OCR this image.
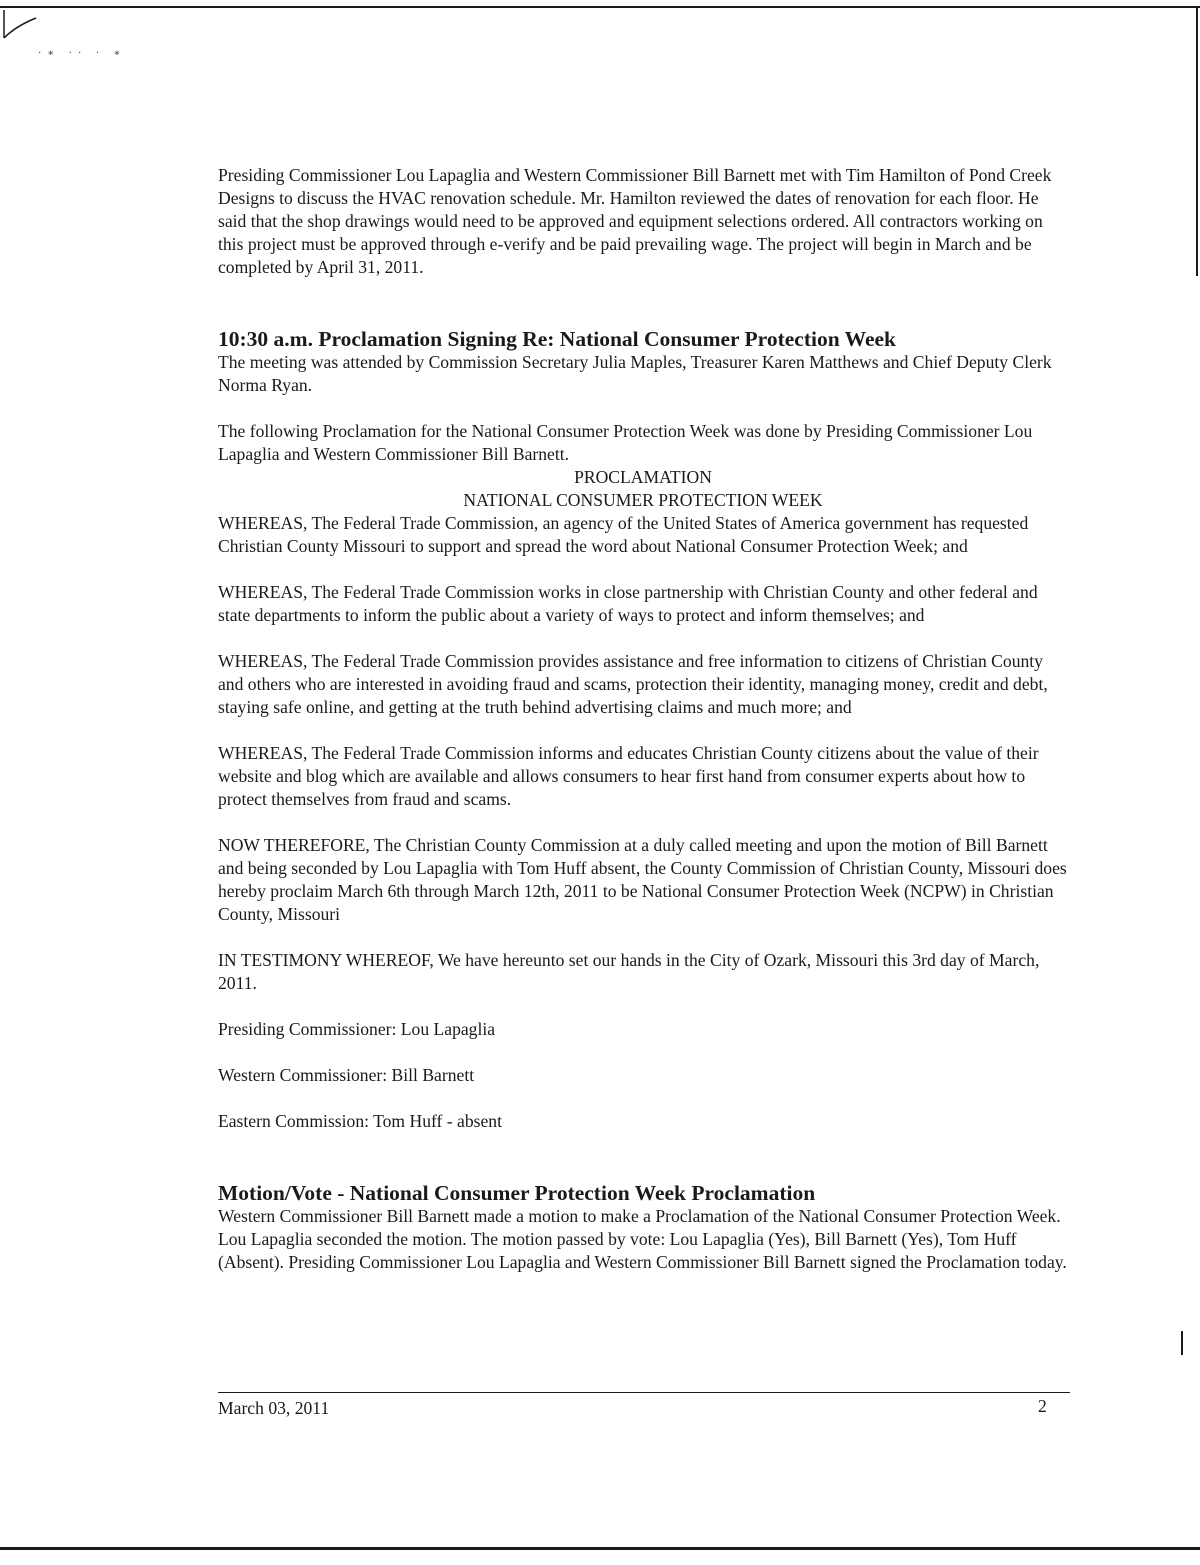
·∗ ·· · ∗

Presiding Commissioner Lou Lapaglia and Western Commissioner Bill Barnett met with Tim Hamilton of Pond Creek Designs to discuss the HVAC renovation schedule. Mr. Hamilton reviewed the dates of renovation for each floor. He said that the shop drawings would need to be approved and equipment selections ordered. All contractors working on this project must be approved through e-verify and be paid prevailing wage. The project will begin in March and be completed by April 31, 2011.

10:30 a.m. Proclamation Signing Re: National Consumer Protection Week

The meeting was attended by Commission Secretary Julia Maples, Treasurer Karen Matthews and Chief Deputy Clerk Norma Ryan.

The following Proclamation for the National Consumer Protection Week was done by Presiding Commissioner Lou Lapaglia and Western Commissioner Bill Barnett.

PROCLAMATION

NATIONAL CONSUMER PROTECTION WEEK

WHEREAS, The Federal Trade Commission, an agency of the United States of America government has requested Christian County Missouri to support and spread the word about National Consumer Protection Week; and

WHEREAS, The Federal Trade Commission works in close partnership with Christian County and other federal and state departments to inform the public about a variety of ways to protect and inform themselves; and

WHEREAS, The Federal Trade Commission provides assistance and free information to citizens of Christian County and others who are interested in avoiding fraud and scams, protection their identity, managing money, credit and debt, staying safe online, and getting at the truth behind advertising claims and much more; and

WHEREAS, The Federal Trade Commission informs and educates Christian County citizens about the value of their website and blog which are available and allows consumers to hear first hand from consumer experts about how to protect themselves from fraud and scams.

NOW THEREFORE, The Christian County Commission at a duly called meeting and upon the motion of Bill Barnett and being seconded by Lou Lapaglia with Tom Huff absent, the County Commission of Christian County, Missouri does hereby proclaim March 6th through March 12th, 2011 to be National Consumer Protection Week (NCPW) in Christian County, Missouri

IN TESTIMONY WHEREOF, We have hereunto set our hands in the City of Ozark, Missouri this 3rd day of March, 2011.

Presiding Commissioner: Lou Lapaglia

Western Commissioner: Bill Barnett

Eastern Commission: Tom Huff - absent

Motion/Vote - National Consumer Protection Week Proclamation

Western Commissioner Bill Barnett made a motion to make a Proclamation of the National Consumer Protection Week. Lou Lapaglia seconded the motion. The motion passed by vote: Lou Lapaglia (Yes), Bill Barnett (Yes), Tom Huff (Absent). Presiding Commissioner Lou Lapaglia and Western Commissioner Bill Barnett signed the Proclamation today.

March 03, 2011	2
